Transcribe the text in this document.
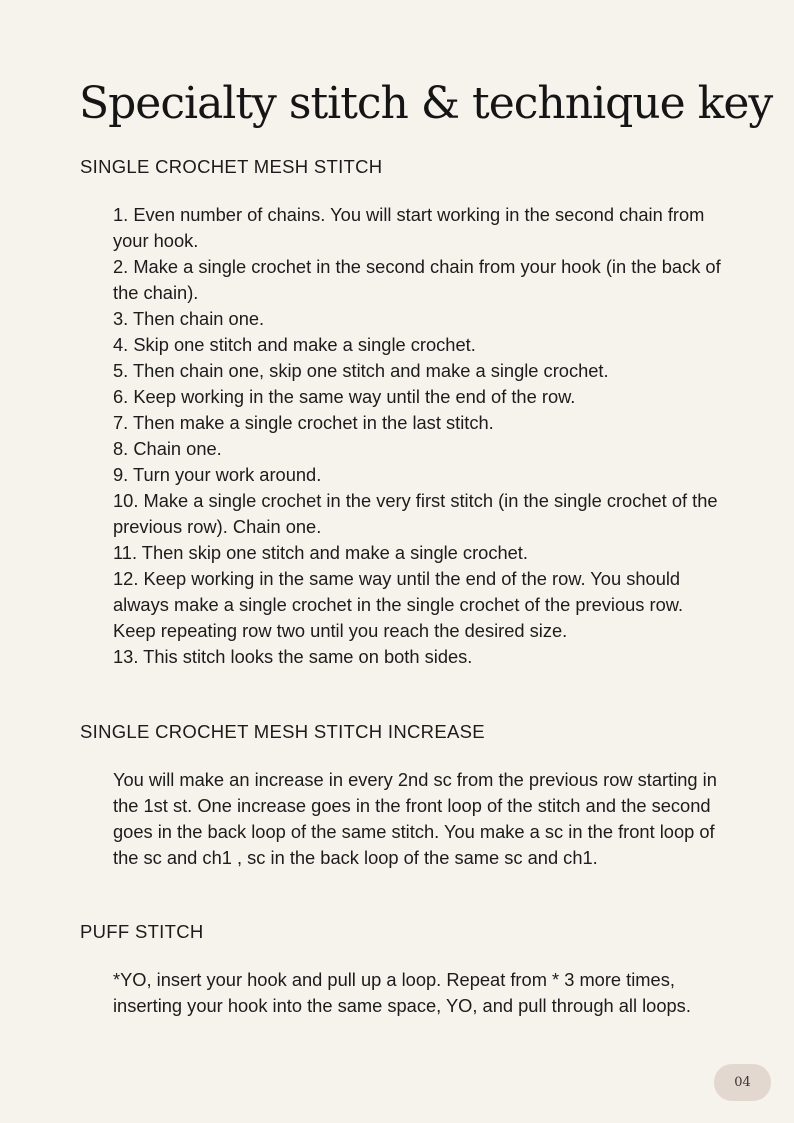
Specialty stitch & technique key
SINGLE CROCHET MESH STITCH
1. Even number of chains. You will start working in the second chain from your hook.
2. Make a single crochet in the second chain from your hook (in the back of the chain).
3. Then chain one.
4. Skip one stitch and make a single crochet.
5. Then chain one, skip one stitch and make a single crochet.
6. Keep working in the same way until the end of the row.
7. Then make a single crochet in the last stitch.
8. Chain one.
9. Turn your work around.
10. Make a single crochet in the very first stitch (in the single crochet of the previous row). Chain one.
11. Then skip one stitch and make a single crochet.
12. Keep working in the same way until the end of the row. You should always make a single crochet in the single crochet of the previous row. Keep repeating row two until you reach the desired size.
13. This stitch looks the same on both sides.
SINGLE CROCHET MESH STITCH INCREASE

You will make an increase in every 2nd sc from the previous row starting in the 1st st. One increase goes in the front loop of the stitch and the second goes in the back loop of the same stitch. You make a sc in the front loop of the sc and ch1 , sc in the back loop of the same sc and ch1.

PUFF STITCH

*YO, insert your hook and pull up a loop. Repeat from * 3 more times, inserting your hook into the same space, YO, and pull through all loops.

04
